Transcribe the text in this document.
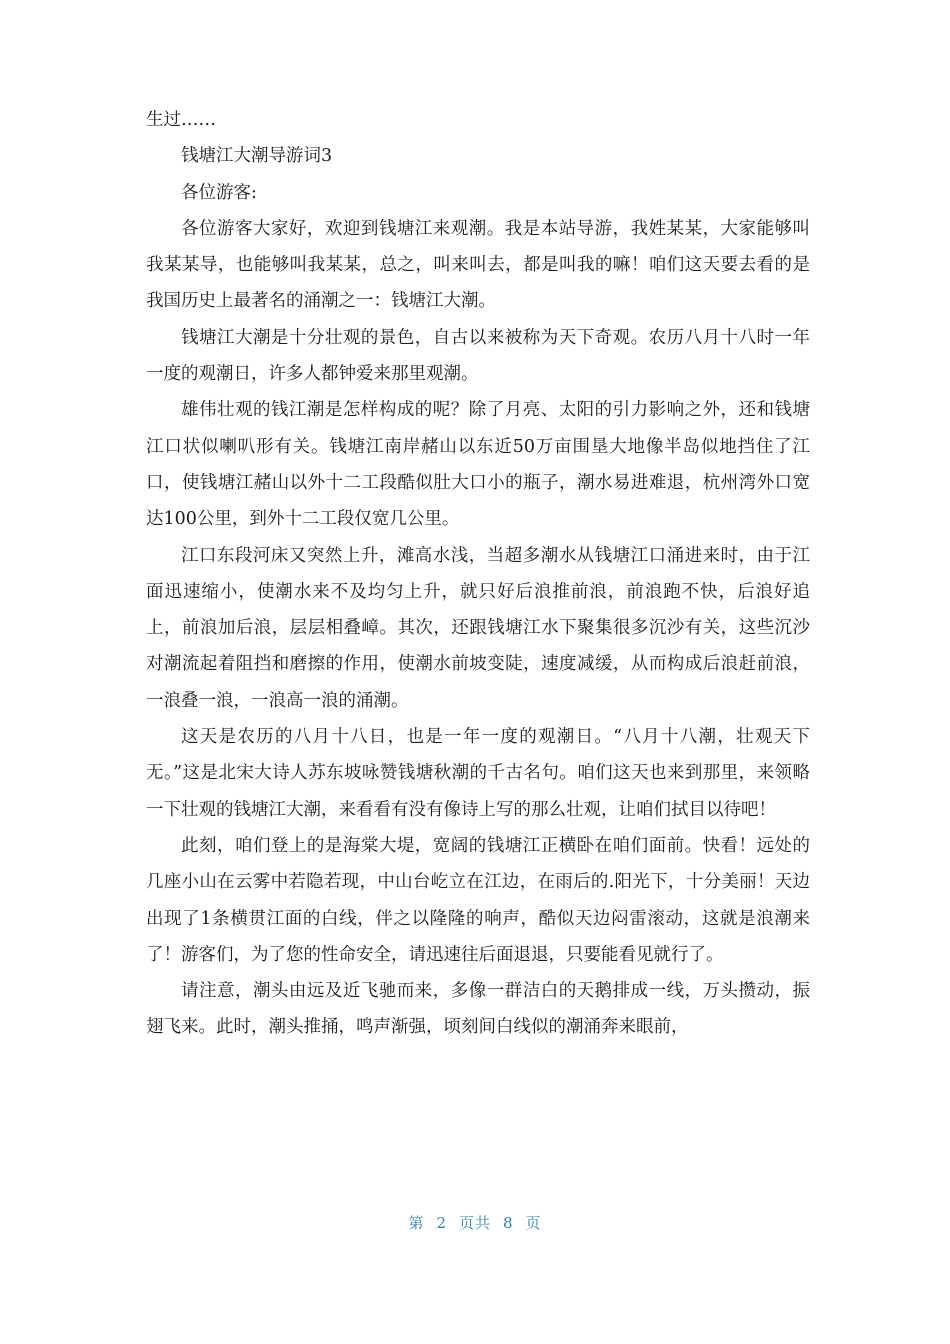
生过……

钱塘江大潮导游词3

各位游客:

各位游客大家好，欢迎到钱塘江来观潮。我是本站导游，我姓某某，大家能够叫我某某导，也能够叫我某某，总之，叫来叫去，都是叫我的嘛！咱们这天要去看的是我国历史上最著名的涌潮之一：钱塘江大潮。

钱塘江大潮是十分壮观的景色，自古以来被称为天下奇观。农历八月十八时一年一度的观潮日，许多人都钟爱来那里观潮。

雄伟壮观的钱江潮是怎样构成的呢？除了月亮、太阳的引力影响之外，还和钱塘江口状似喇叭形有关。钱塘江南岸赭山以东近50万亩围垦大地像半岛似地挡住了江口，使钱塘江赭山以外十二工段酷似肚大口小的瓶子，潮水易进难退，杭州湾外口宽达100公里，到外十二工段仅宽几公里。

江口东段河床又突然上升，滩高水浅，当超多潮水从钱塘江口涌进来时，由于江面迅速缩小，使潮水来不及均匀上升，就只好后浪推前浪，前浪跑不快，后浪好追上，前浪加后浪，层层相叠嶂。其次，还跟钱塘江水下聚集很多沉沙有关，这些沉沙对潮流起着阻挡和磨擦的作用，使潮水前坡变陡，速度减缓，从而构成后浪赶前浪，一浪叠一浪，一浪高一浪的涌潮。

这天是农历的八月十八日，也是一年一度的观潮日。“八月十八潮，壮观天下无。”这是北宋大诗人苏东坡咏赞钱塘秋潮的千古名句。咱们这天也来到那里，来领略一下壮观的钱塘江大潮，来看看有没有像诗上写的那么壮观，让咱们拭目以待吧！

此刻，咱们登上的是海棠大堤，宽阔的钱塘江正横卧在咱们面前。快看！远处的几座小山在云雾中若隐若现，中山台屹立在江边，在雨后的.阳光下，十分美丽！天边出现了1条横贯江面的白线，伴之以隆隆的响声，酷似天边闷雷滚动，这就是浪潮来了！游客们，为了您的性命安全，请迅速往后面退退，只要能看见就行了。

请注意，潮头由远及近飞驰而来，多像一群洁白的天鹅排成一线，万头攒动，振翅飞来。此时，潮头推捅，鸣声渐强，顷刻间白线似的潮涌奔来眼前，

第 2 页共 8 页
